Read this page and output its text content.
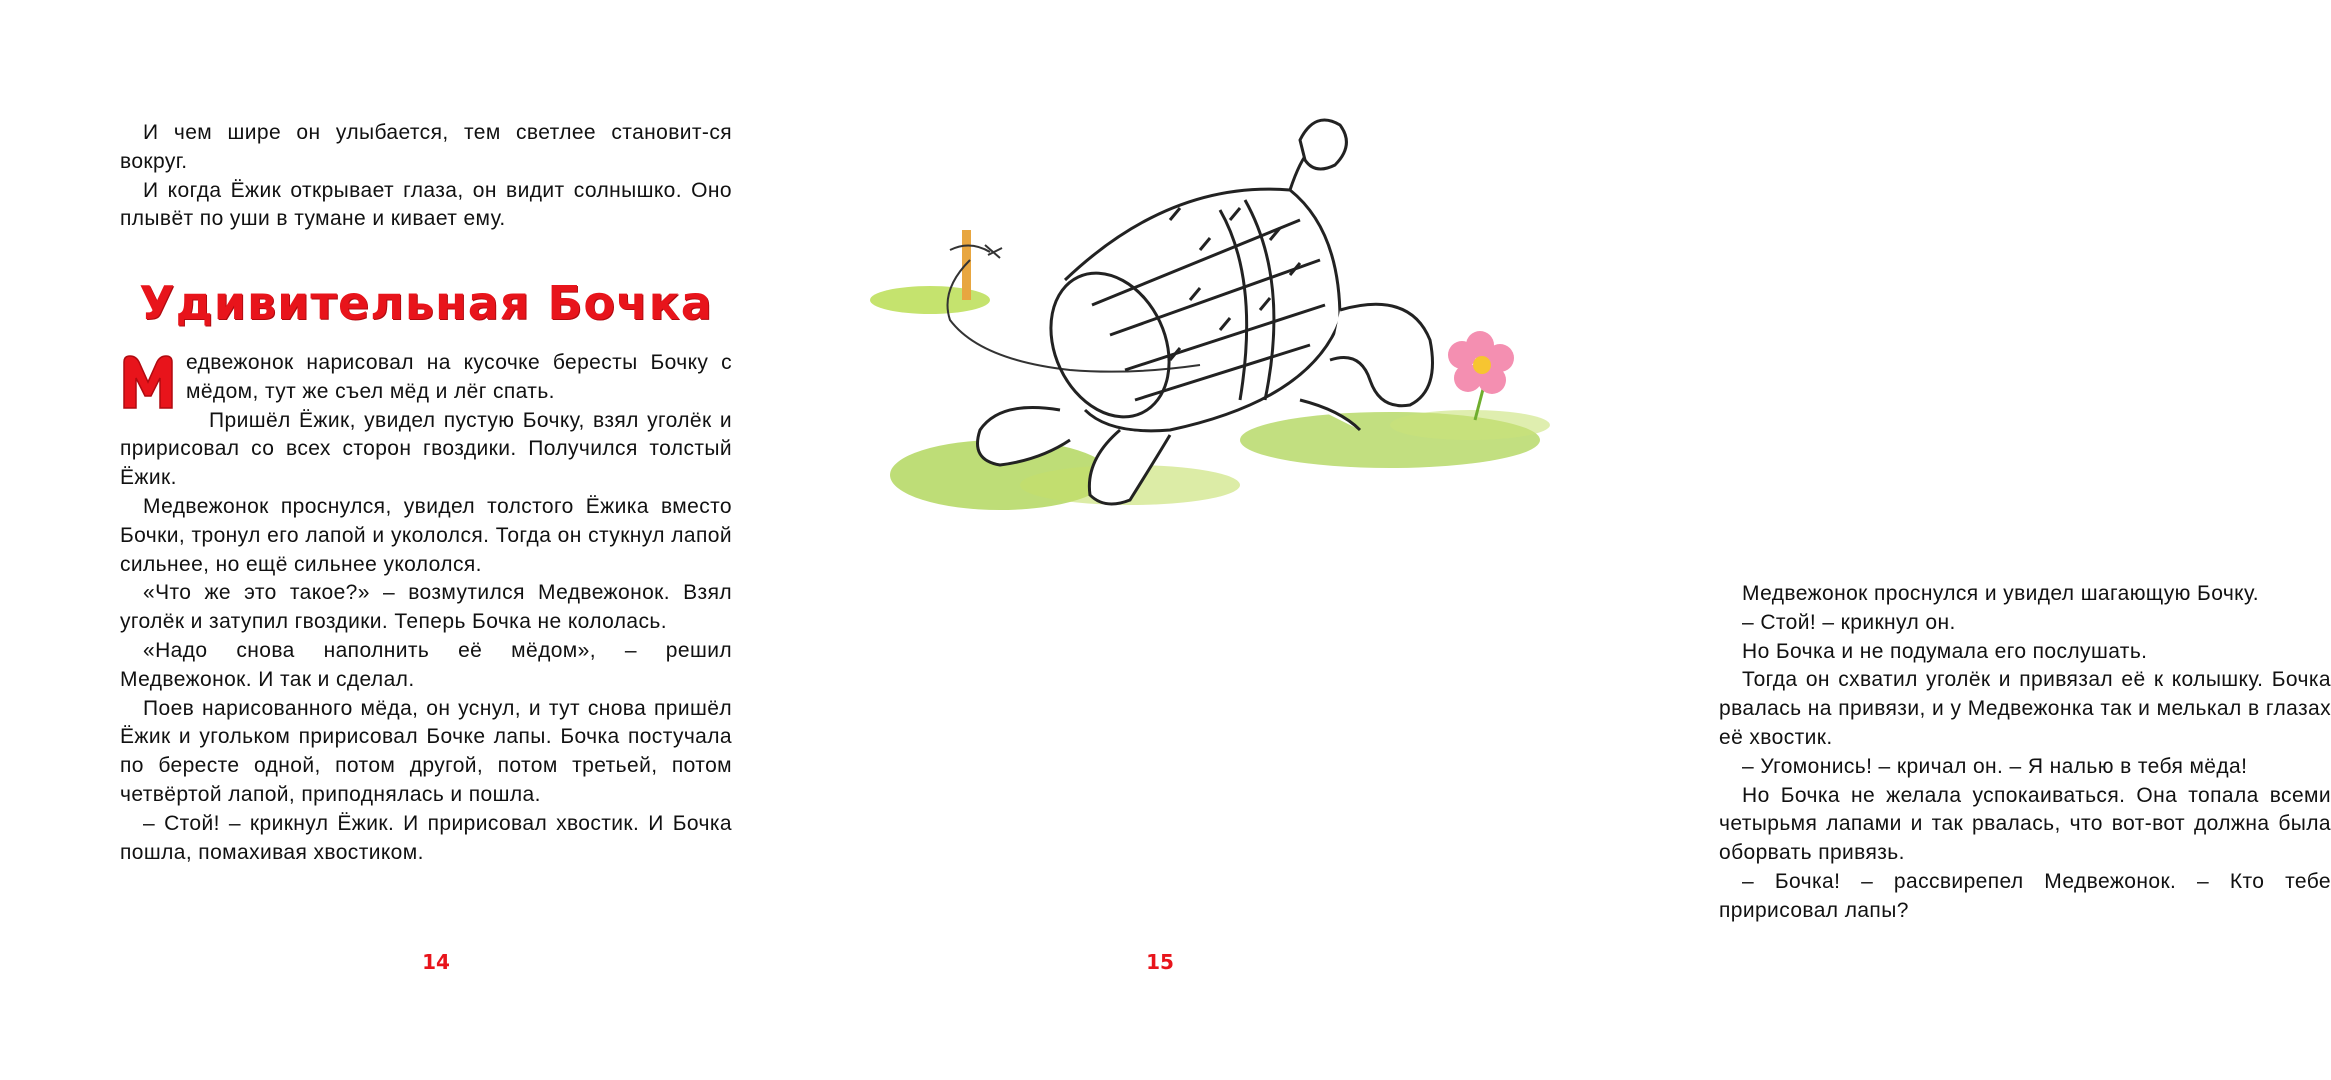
И чем шире он улыбается, тем светлее становит-ся вокруг.

И когда Ёжик открывает глаза, он видит солнышко. Оно плывёт по уши в тумане и кивает ему.

Удивительная Бочка

едвежонок нарисовал на кусочке бересты Бочку с мёдом, тут же съел мёд и лёг спать.

Пришёл Ёжик, увидел пустую Бочку, взял уголёк и пририсовал со всех сторон гвоздики. Получился толстый Ёжик.

Медвежонок проснулся, увидел толстого Ёжика вместо Бочки, тронул его лапой и укололся. Тогда он стукнул лапой сильнее, но ещё сильнее укололся.

«Что же это такое?» – возмутился Медвежонок. Взял уголёк и затупил гвоздики. Теперь Бочка не кололась.

«Надо снова наполнить её мёдом», – решил Медвежонок. И так и сделал.

Поев нарисованного мёда, он уснул, и тут снова пришёл Ёжик и угольком пририсовал Бочке лапы. Бочка постучала по бересте одной, потом другой, потом третьей, потом четвёртой лапой, приподнялась и пошла.

– Стой! – крикнул Ёжик. И пририсовал хвостик. И Бочка пошла, помахивая хвостиком.

14

Медвежонок проснулся и увидел шагающую Бочку.

– Стой! – крикнул он.

Но Бочка и не подумала его послушать.

Тогда он схватил уголёк и привязал её к колышку. Бочка рвалась на привязи, и у Медвежонка так и мелькал в глазах её хвостик.

– Угомонись! – кричал он. – Я налью в тебя мёда!

Но Бочка не желала успокаиваться. Она топала всеми четырьмя лапами и так рвалась, что вот-вот должна была оборвать привязь.

– Бочка! – рассвирепел Медвежонок. – Кто тебе пририсовал лапы?

15
